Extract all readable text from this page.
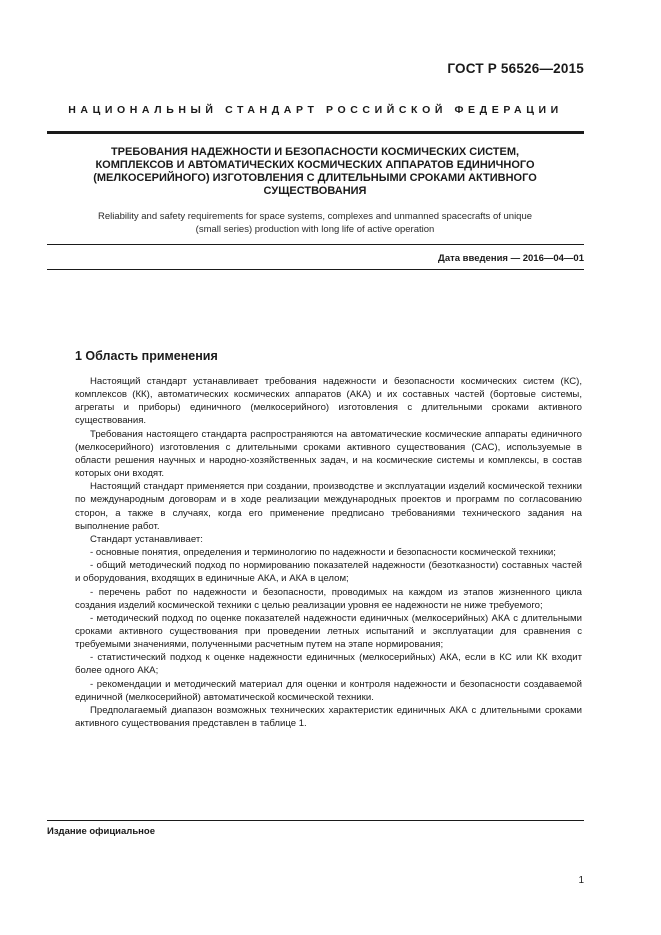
ГОСТ Р 56526—2015
НАЦИОНАЛЬНЫЙ СТАНДАРТ РОССИЙСКОЙ ФЕДЕРАЦИИ
ТРЕБОВАНИЯ НАДЕЖНОСТИ И БЕЗОПАСНОСТИ КОСМИЧЕСКИХ СИСТЕМ,
КОМПЛЕКСОВ И АВТОМАТИЧЕСКИХ КОСМИЧЕСКИХ АППАРАТОВ ЕДИНИЧНОГО
(МЕЛКОСЕРИЙНОГО) ИЗГОТОВЛЕНИЯ С ДЛИТЕЛЬНЫМИ СРОКАМИ АКТИВНОГО
СУЩЕСТВОВАНИЯ
Reliability and safety requirements for space systems, complexes and unmanned spacecrafts of unique
(small series) production with long life of active operation
Дата введения — 2016—04—01
1 Область применения

Настоящий стандарт устанавливает требования надежности и безопасности космических систем (КС), комплексов (КК), автоматических космических аппаратов (АКА) и их составных частей (бортовые системы, агрегаты и приборы) единичного (мелкосерийного) изготовления с длительными сроками активного существования.

Требования настоящего стандарта распространяются на автоматические космические аппараты единичного (мелкосерийного) изготовления с длительными сроками активного существования (САС), используемые в области решения научных и народно-хозяйственных задач, и на космические системы и комплексы, в состав которых они входят.

Настоящий стандарт применяется при создании, производстве и эксплуатации изделий космической техники по международным договорам и в ходе реализации международных проектов и программ по согласованию сторон, а также в случаях, когда его применение предписано требованиями технического задания на выполнение работ.

Стандарт устанавливает:

- основные понятия, определения и терминологию по надежности и безопасности космической техники;

- общий методический подход по нормированию показателей надежности (безотказности) составных частей и оборудования, входящих в единичные АКА, и АКА в целом;

- перечень работ по надежности и безопасности, проводимых на каждом из этапов жизненного цикла создания изделий космической техники с целью реализации уровня ее надежности не ниже требуемого;

- методический подход по оценке показателей надежности единичных (мелкосерийных) АКА с длительными сроками активного существования при проведении летных испытаний и эксплуатации для сравнения с требуемыми значениями, полученными расчетным путем на этапе нормирования;

- статистический подход к оценке надежности единичных (мелкосерийных) АКА, если в КС или КК входит более одного АКА;

- рекомендации и методический материал для оценки и контроля надежности и безопасности создаваемой единичной (мелкосерийной) автоматической космической техники.

Предполагаемый диапазон возможных технических характеристик единичных АКА с длительными сроками активного существования представлен в таблице 1.

Издание официальное
1
